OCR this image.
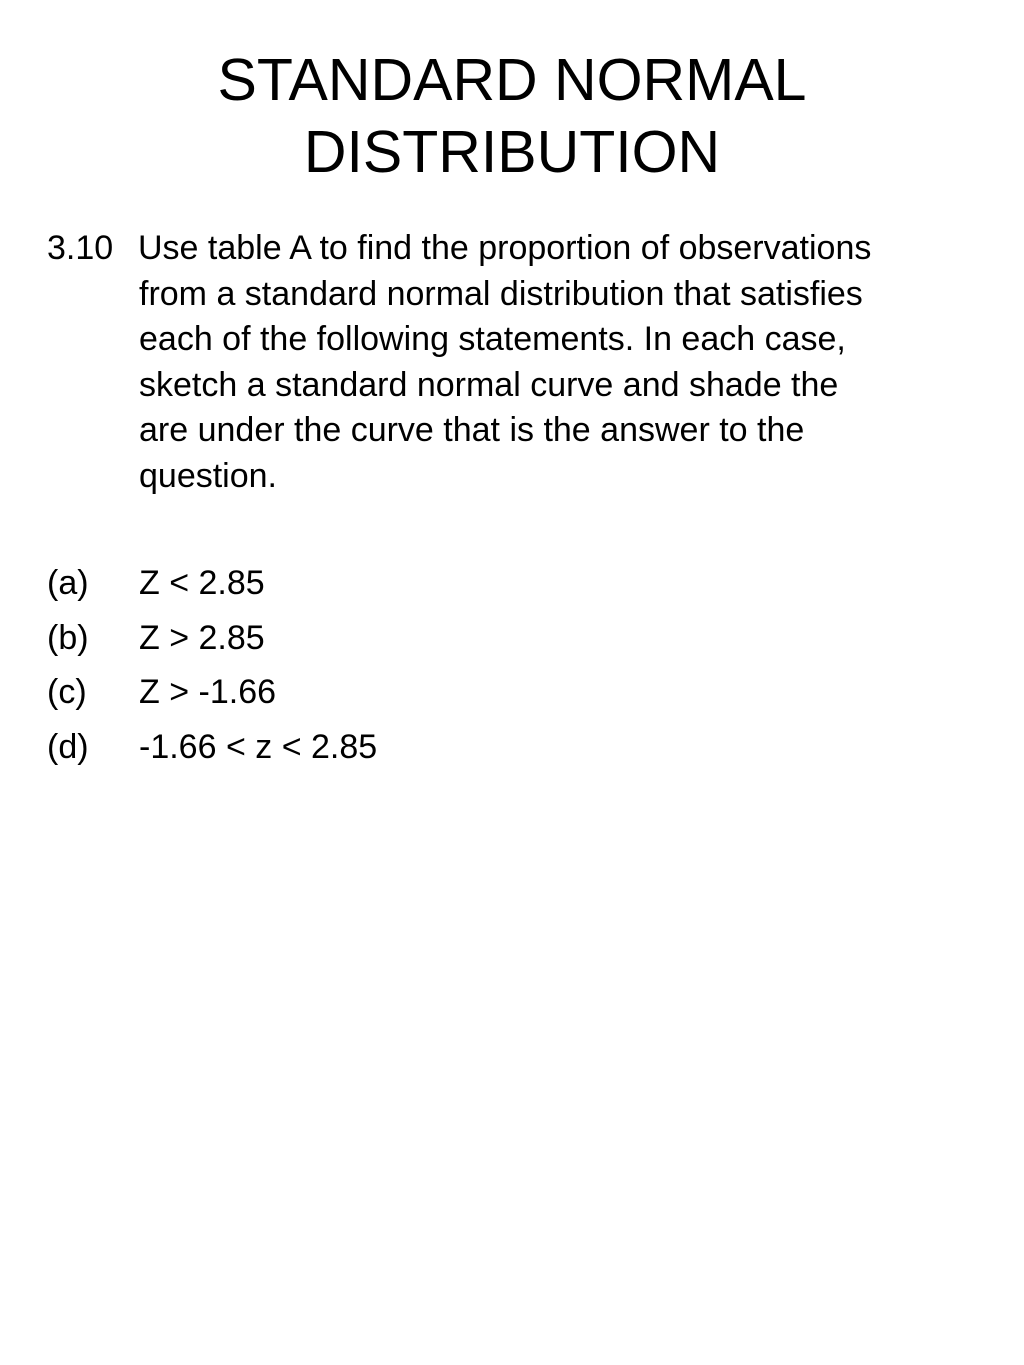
STANDARD NORMAL
DISTRIBUTION
3.10 Use table A to find the proportion of observations
from a standard normal distribution that satisfies
each of the following statements. In each case,
sketch a standard normal curve and shade the
are under the curve that is the answer to the
question.
(a) Z < 2.85
(b) Z > 2.85
(c) Z > -1.66
(d) -1.66 < z < 2.85
